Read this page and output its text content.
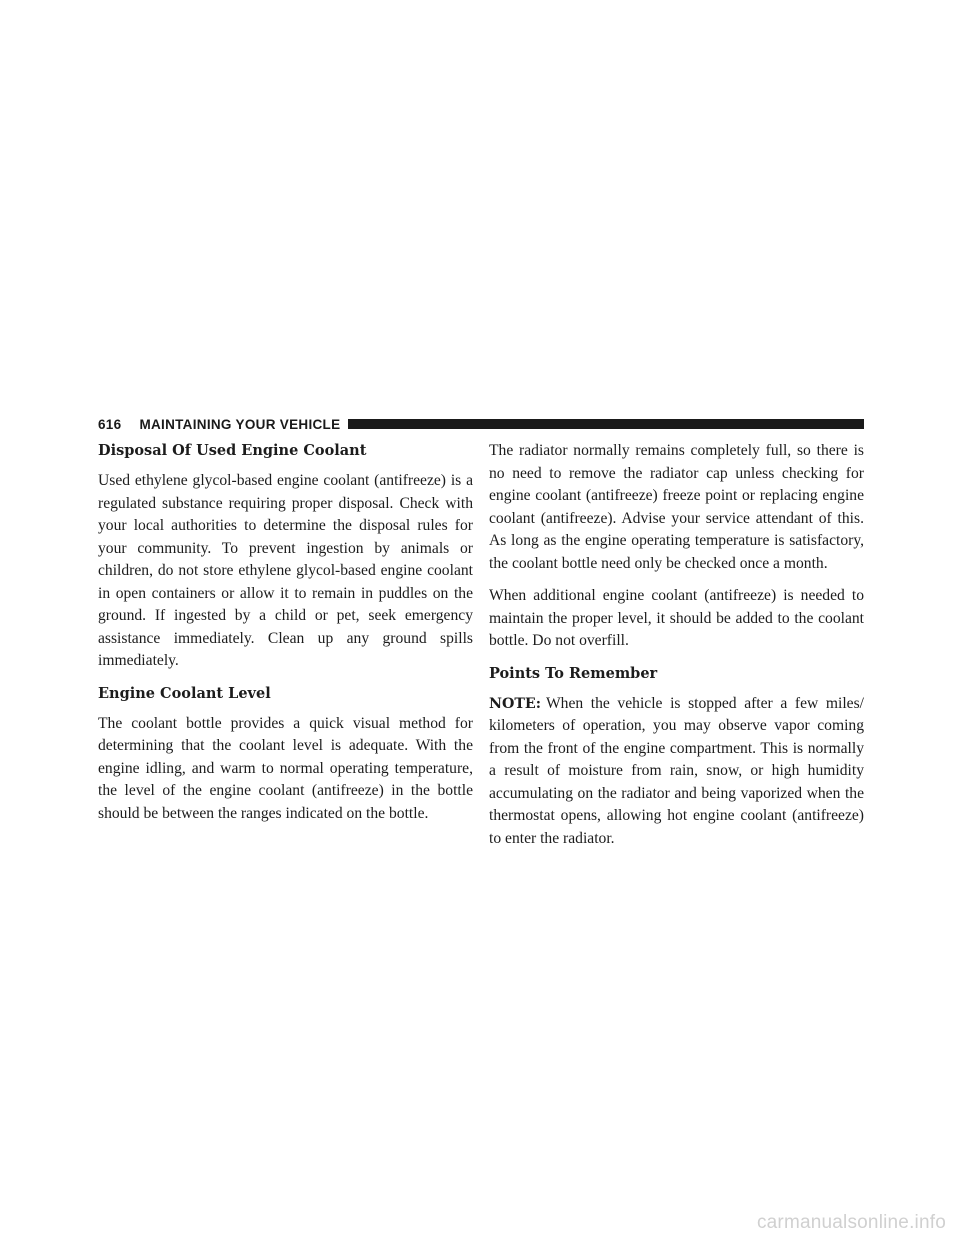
616	MAINTAINING YOUR VEHICLE
Disposal Of Used Engine Coolant

Used ethylene glycol-based engine coolant (antifreeze) is a regulated substance requiring proper disposal. Check with your local authorities to determine the disposal rules for your community. To prevent ingestion by animals or children, do not store ethylene glycol-based engine coolant in open containers or allow it to remain in puddles on the ground. If ingested by a child or pet, seek emergency assistance immediately. Clean up any ground spills immediately.

Engine Coolant Level

The coolant bottle provides a quick visual method for determining that the coolant level is adequate. With the engine idling, and warm to normal operating temperature, the level of the engine coolant (antifreeze) in the bottle should be between the ranges indicated on the bottle.

The radiator normally remains completely full, so there is no need to remove the radiator cap unless checking for engine coolant (antifreeze) freeze point or replacing engine coolant (antifreeze). Advise your service attendant of this. As long as the engine operating temperature is satisfactory, the coolant bottle need only be checked once a month.

When additional engine coolant (antifreeze) is needed to maintain the proper level, it should be added to the coolant bottle. Do not overfill.

Points To Remember

NOTE: When the vehicle is stopped after a few miles/ kilometers of operation, you may observe vapor coming from the front of the engine compartment. This is normally a result of moisture from rain, snow, or high humidity accumulating on the radiator and being vaporized when the thermostat opens, allowing hot engine coolant (antifreeze) to enter the radiator.

carmanualsonline.info
